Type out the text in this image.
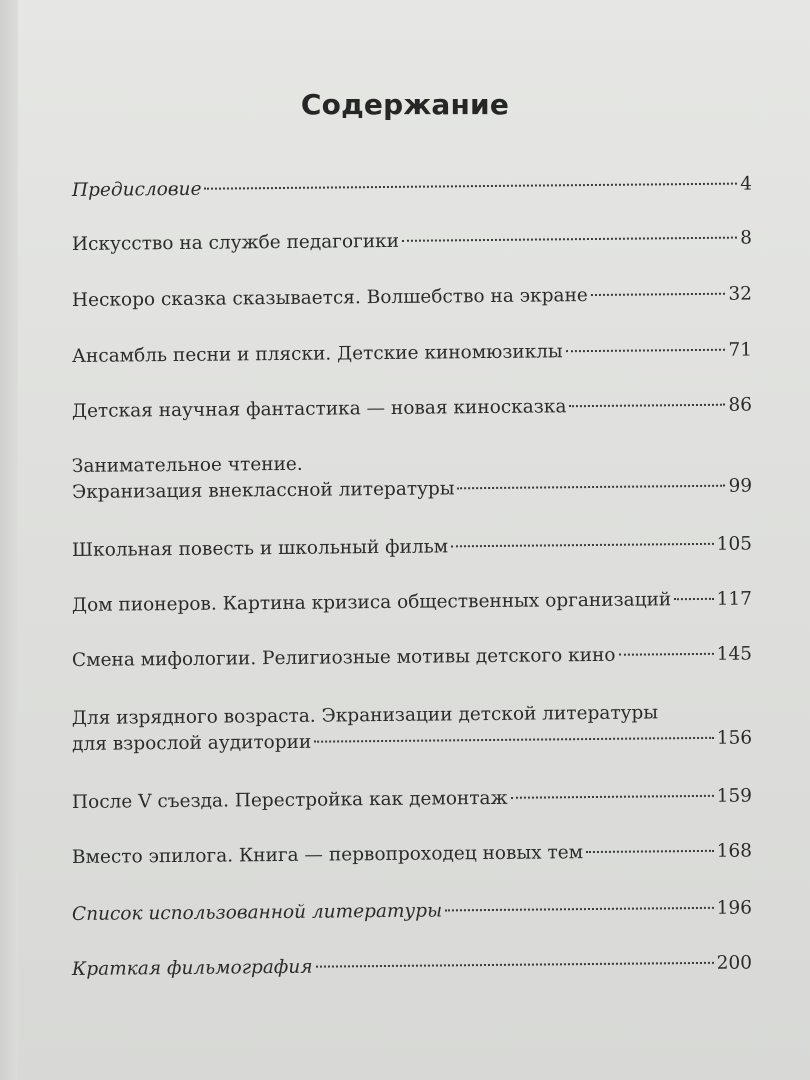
Содержание
Предисловие	4
Искусство на службе педагогики	8
Нескоро сказка сказывается. Волшебство на экране	32
Ансамбль песни и пляски. Детские киномюзиклы	71
Детская научная фантастика — новая киносказка	86
Занимательное чтение.
Экранизация внеклассной литературы	99
Школьная повесть и школьный фильм	105
Дом пионеров. Картина кризиса общественных организаций 117
Смена мифологии. Религиозные мотивы детского кино	145
Для изрядного возраста. Экранизации детской литературы
для взрослой аудитории	156
После V съезда. Перестройка как демонтаж	159
Вместо эпилога. Книга — первопроходец новых тем	168
Список использованной литературы	196
Краткая фильмография	200
